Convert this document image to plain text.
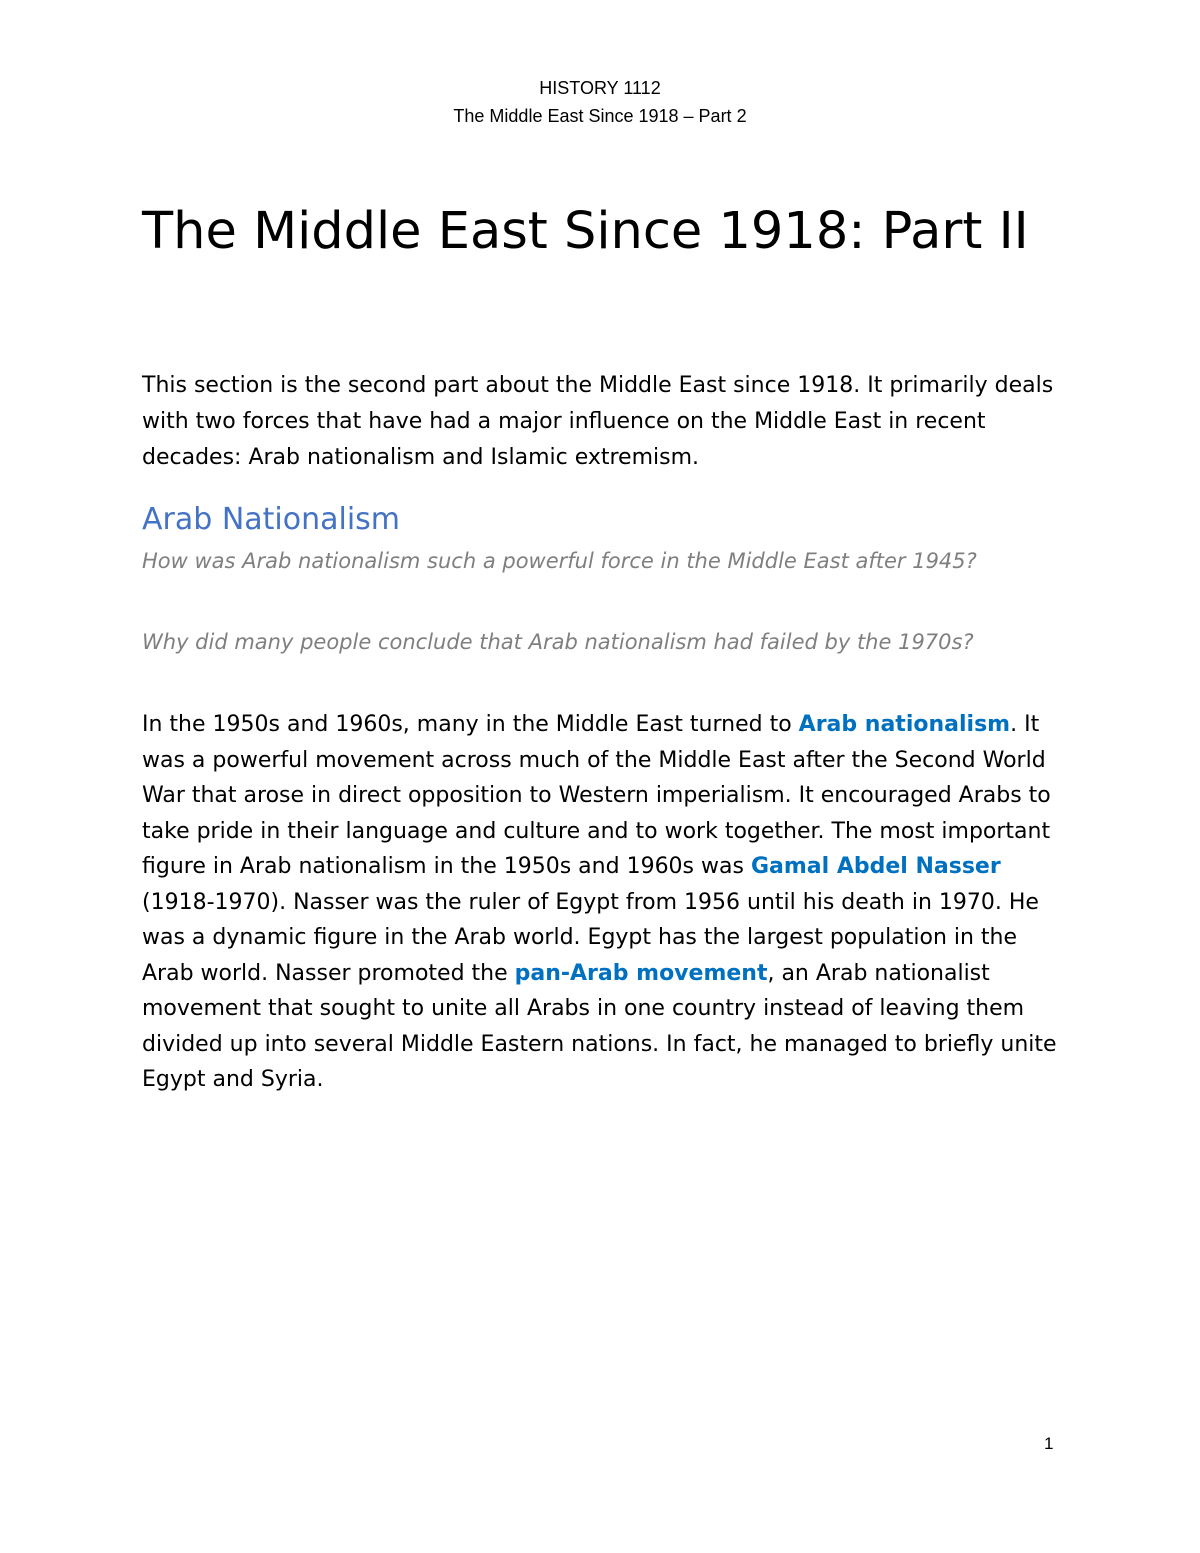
HISTORY 1112
The Middle East Since 1918 – Part 2
The Middle East Since 1918: Part II

This section is the second part about the Middle East since 1918. It primarily deals with two forces that have had a major influence on the Middle East in recent decades: Arab nationalism and Islamic extremism.

Arab Nationalism

How was Arab nationalism such a powerful force in the Middle East after 1945?

Why did many people conclude that Arab nationalism had failed by the 1970s?

In the 1950s and 1960s, many in the Middle East turned to Arab nationalism. It was a powerful movement across much of the Middle East after the Second World War that arose in direct opposition to Western imperialism. It encouraged Arabs to take pride in their language and culture and to work together. The most important figure in Arab nationalism in the 1950s and 1960s was Gamal Abdel Nasser (1918-1970). Nasser was the ruler of Egypt from 1956 until his death in 1970. He was a dynamic figure in the Arab world. Egypt has the largest population in the Arab world. Nasser promoted the pan-Arab movement, an Arab nationalist movement that sought to unite all Arabs in one country instead of leaving them divided up into several Middle Eastern nations. In fact, he managed to briefly unite Egypt and Syria.

1
